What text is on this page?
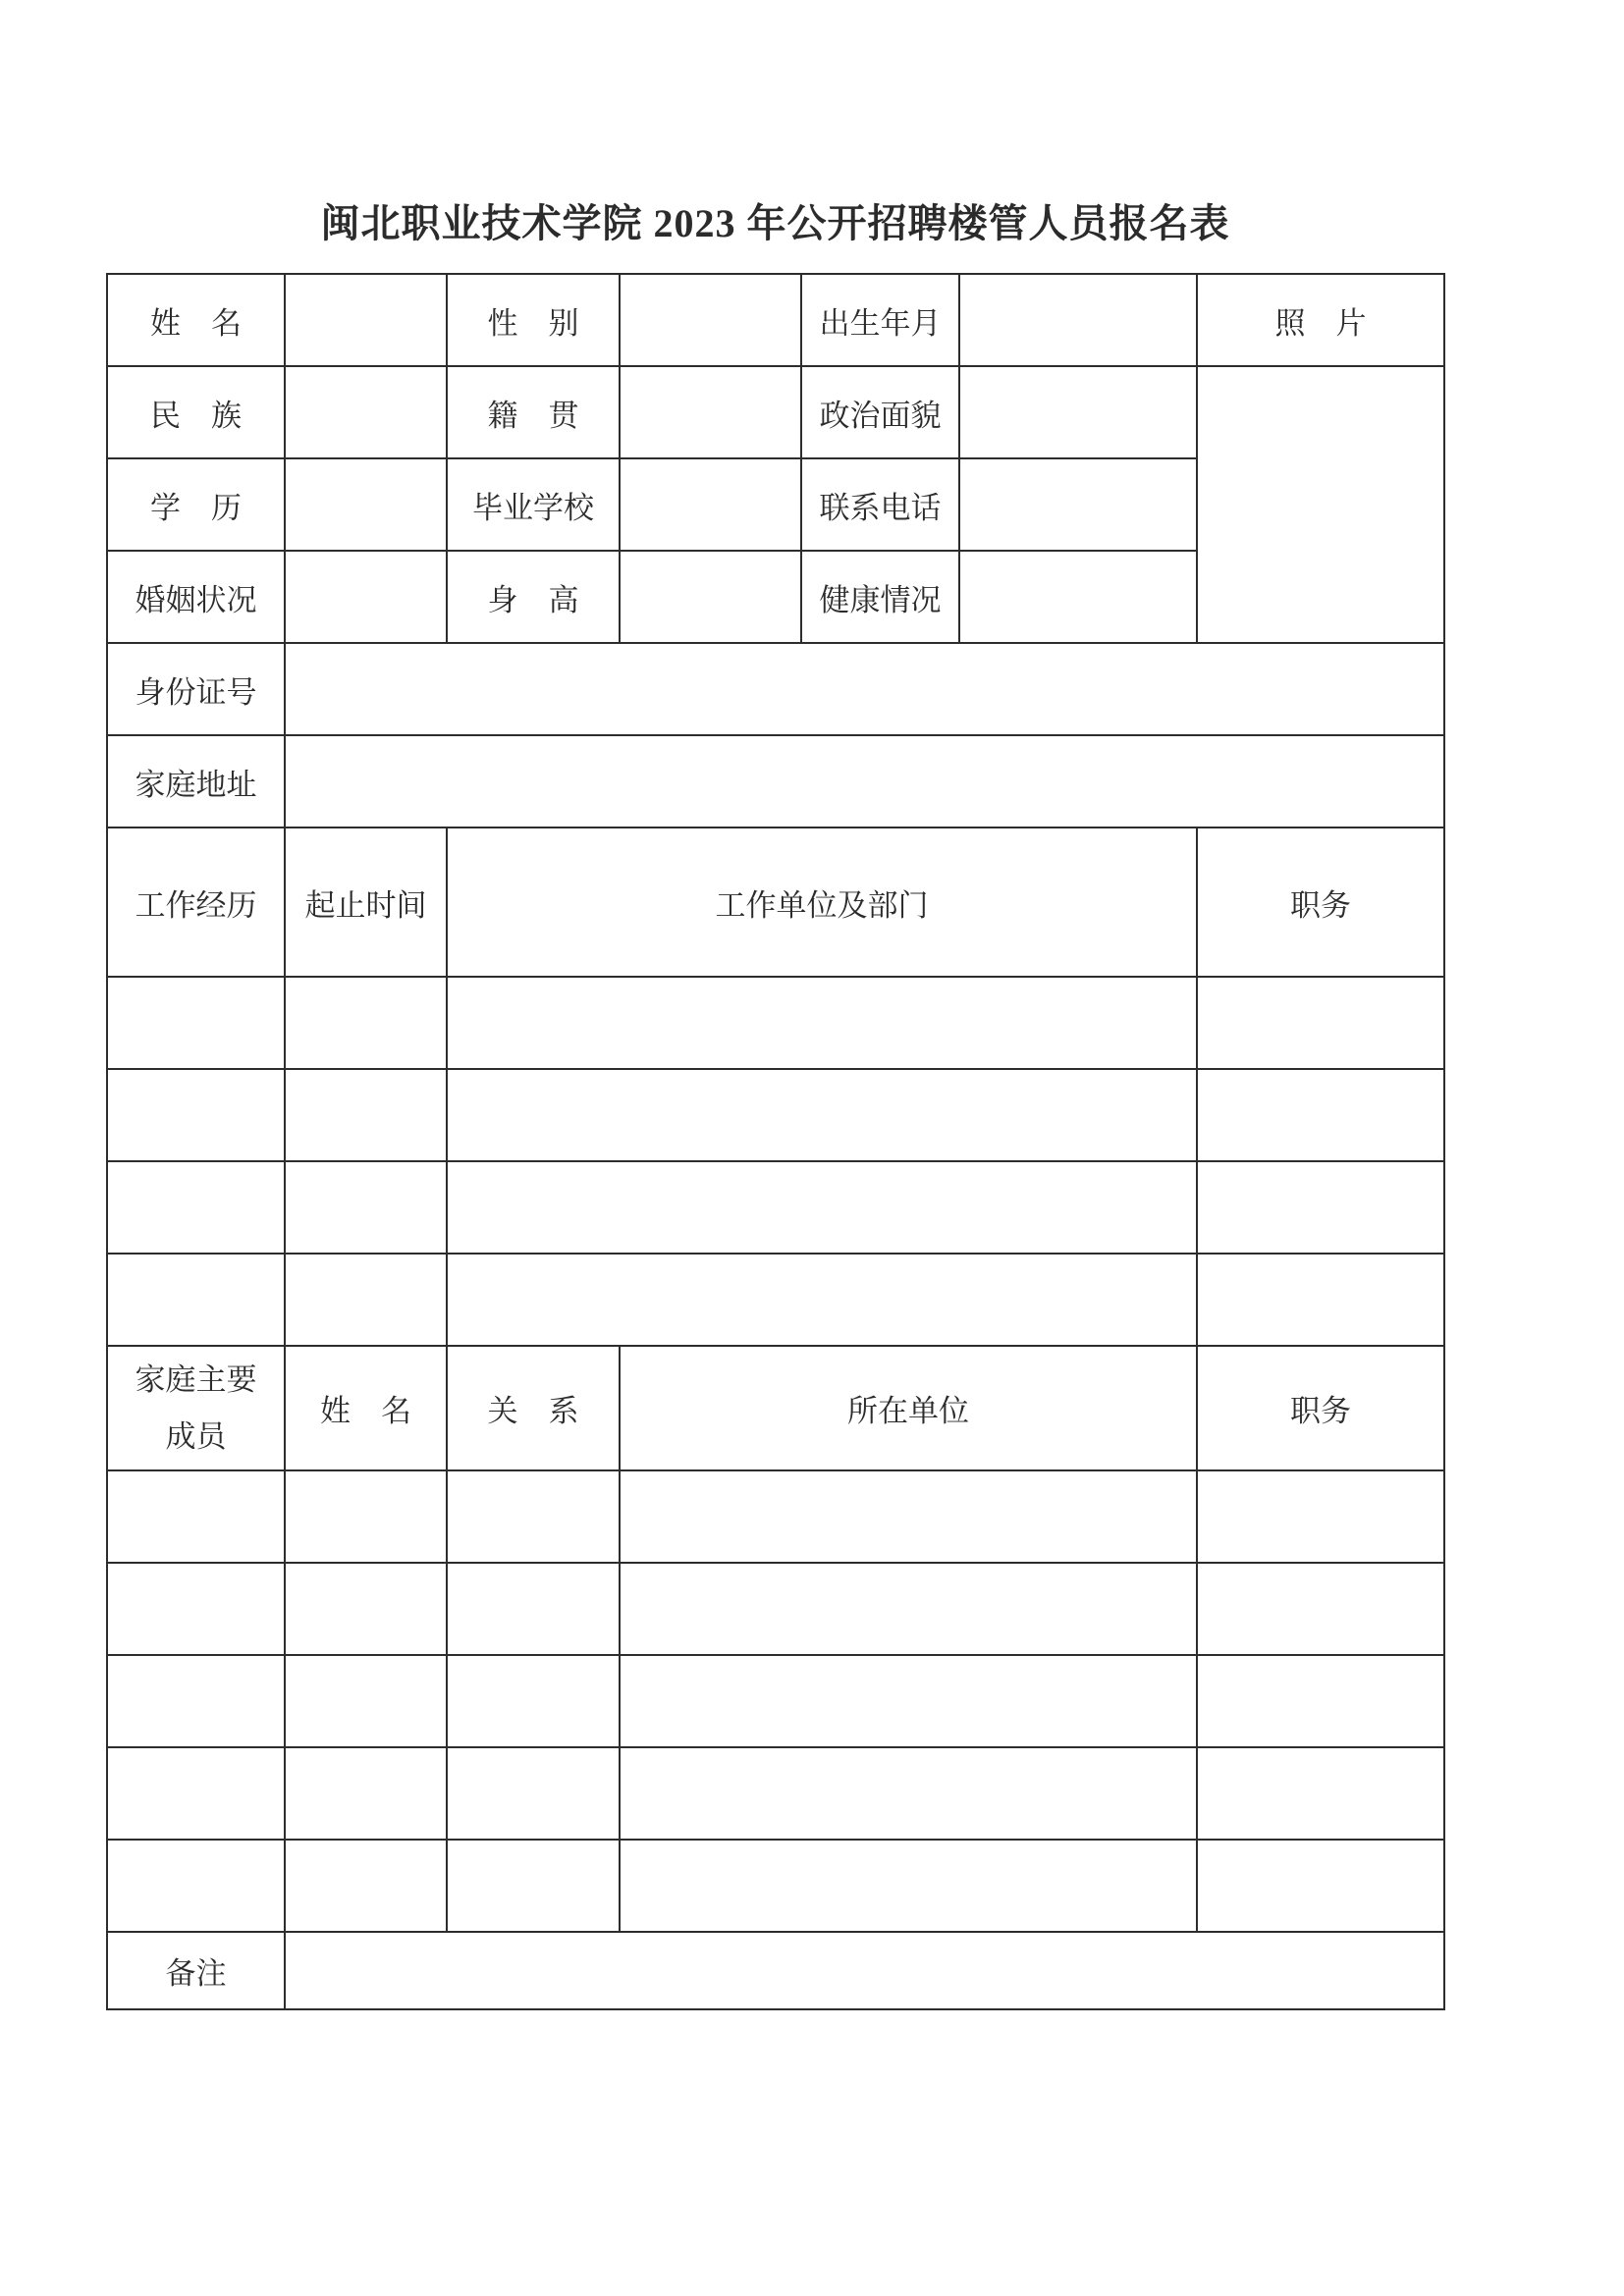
闽北职业技术学院 2023 年公开招聘楼管人员报名表
姓　名		性　别		出生年月		照　片
民　族		籍　贯		政治面貌		
学　历		毕业学校		联系电话		
婚姻状况		身　高		健康情况		
身份证号						
家庭地址						
工作经历	起止时间	工作单位及部门				职务

家庭主要
成员	姓　名	关　系	所在单位			职务

备注						
